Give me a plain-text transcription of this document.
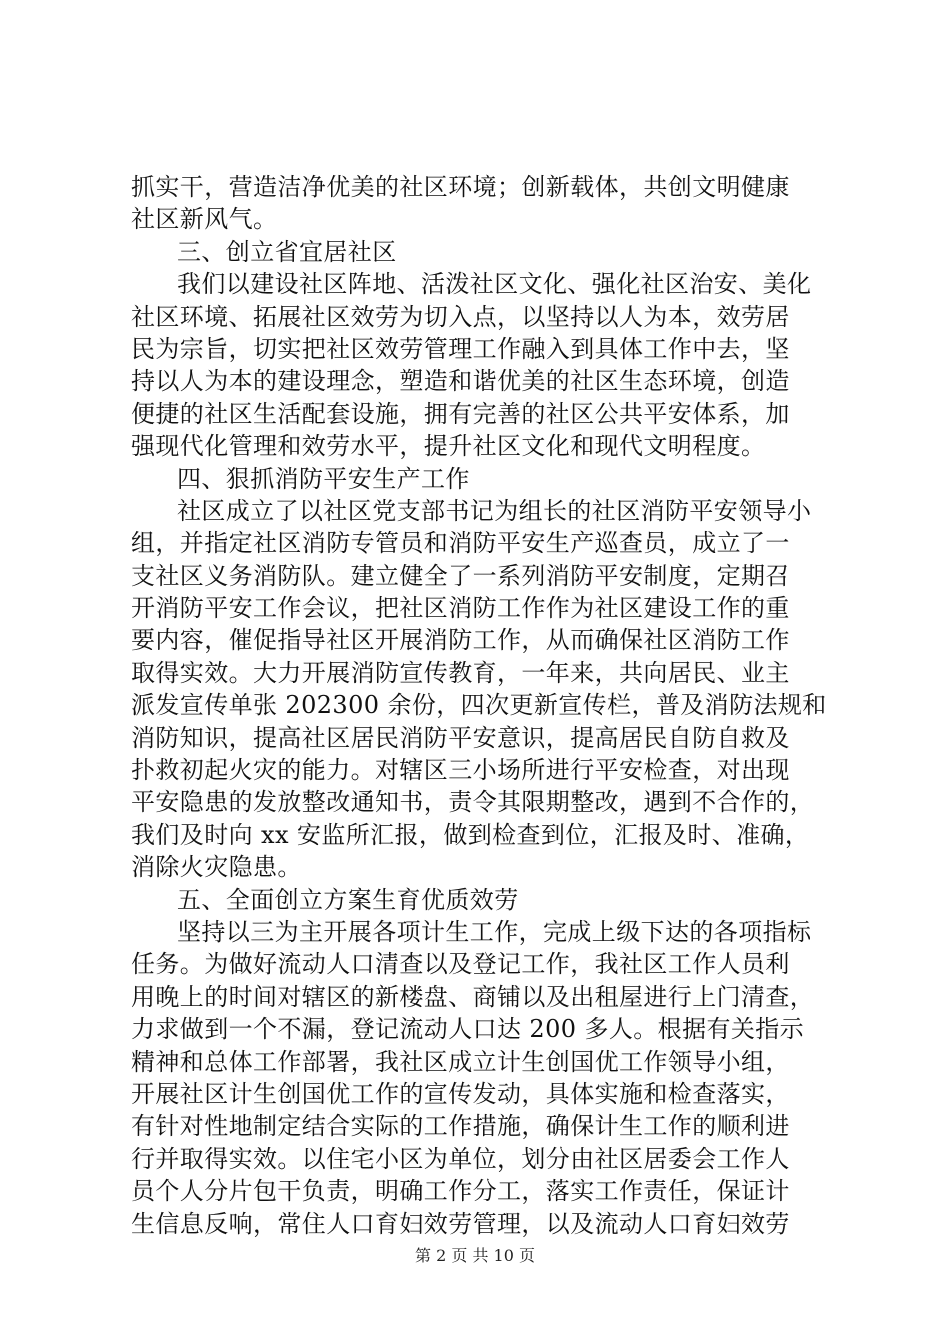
抓实干，营造洁净优美的社区环境；创新载体，共创文明健康
社区新风气。
三、创立省宜居社区
我们以建设社区阵地、活泼社区文化、强化社区治安、美化
社区环境、拓展社区效劳为切入点，以坚持以人为本，效劳居
民为宗旨，切实把社区效劳管理工作融入到具体工作中去，坚
持以人为本的建设理念，塑造和谐优美的社区生态环境，创造
便捷的社区生活配套设施，拥有完善的社区公共平安体系，加
强现代化管理和效劳水平，提升社区文化和现代文明程度。
四、狠抓消防平安生产工作
社区成立了以社区党支部书记为组长的社区消防平安领导小
组，并指定社区消防专管员和消防平安生产巡查员，成立了一
支社区义务消防队。建立健全了一系列消防平安制度，定期召
开消防平安工作会议，把社区消防工作作为社区建设工作的重
要内容，催促指导社区开展消防工作，从而确保社区消防工作
取得实效。大力开展消防宣传教育，一年来，共向居民、业主
派发宣传单张 202300 余份，四次更新宣传栏，普及消防法规和
消防知识，提高社区居民消防平安意识，提高居民自防自救及
扑救初起火灾的能力。对辖区三小场所进行平安检查，对出现
平安隐患的发放整改通知书，责令其限期整改，遇到不合作的，
我们及时向 xx 安监所汇报，做到检查到位，汇报及时、准确，
消除火灾隐患。
五、全面创立方案生育优质效劳
坚持以三为主开展各项计生工作，完成上级下达的各项指标
任务。为做好流动人口清查以及登记工作，我社区工作人员利
用晚上的时间对辖区的新楼盘、商铺以及出租屋进行上门清查，
力求做到一个不漏，登记流动人口达 200 多人。根据有关指示
精神和总体工作部署，我社区成立计生创国优工作领导小组，
开展社区计生创国优工作的宣传发动，具体实施和检查落实，
有针对性地制定结合实际的工作措施，确保计生工作的顺利进
行并取得实效。以住宅小区为单位，划分由社区居委会工作人
员个人分片包干负责，明确工作分工，落实工作责任，保证计
生信息反响，常住人口育妇效劳管理，以及流动人口育妇效劳
第 2 页 共 10 页
